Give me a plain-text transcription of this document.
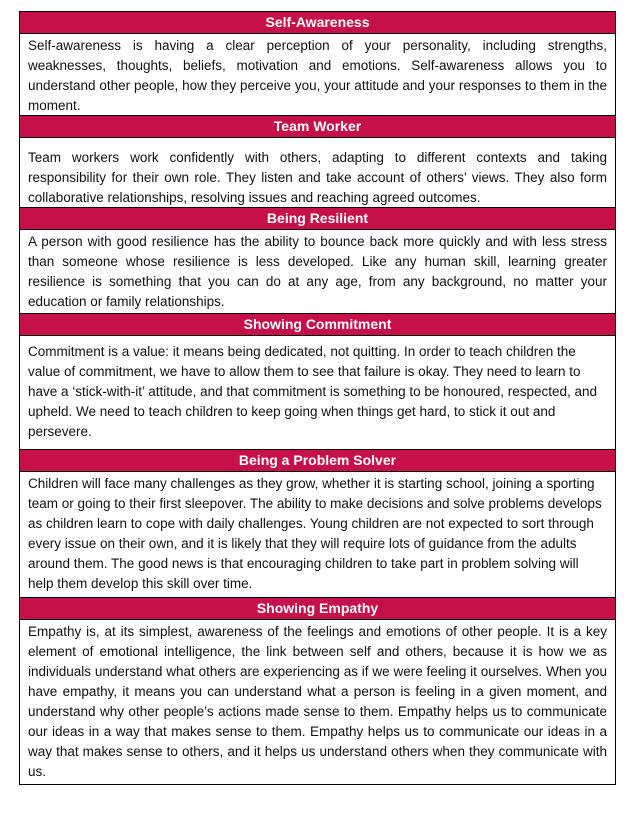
Self-Awareness
Self-awareness is having a clear perception of your personality, including strengths, weaknesses, thoughts, beliefs, motivation and emotions. Self-awareness allows you to understand other people, how they perceive you, your attitude and your responses to them in the moment.
Team Worker
Team workers work confidently with others, adapting to different contexts and taking responsibility for their own role. They listen and take account of others’ views. They also form collaborative relationships, resolving issues and reaching agreed outcomes.
Being Resilient
A person with good resilience has the ability to bounce back more quickly and with less stress than someone whose resilience is less developed. Like any human skill, learning greater resilience is something that you can do at any age, from any background, no matter your education or family relationships.
Showing Commitment
Commitment is a value: it means being dedicated, not quitting. In order to teach children the value of commitment, we have to allow them to see that failure is okay. They need to learn to have a ‘stick-with-it’ attitude, and that commitment is something to be honoured, respected, and upheld. We need to teach children to keep going when things get hard, to stick it out and persevere.
Being a Problem Solver
Children will face many challenges as they grow, whether it is starting school, joining a sporting team or going to their first sleepover. The ability to make decisions and solve problems develops as children learn to cope with daily challenges. Young children are not expected to sort through every issue on their own, and it is likely that they will require lots of guidance from the adults around them. The good news is that encouraging children to take part in problem solving will help them develop this skill over time.
Showing Empathy
Empathy is, at its simplest, awareness of the feelings and emotions of other people. It is a key element of emotional intelligence, the link between self and others, because it is how we as individuals understand what others are experiencing as if we were feeling it ourselves. When you have empathy, it means you can understand what a person is feeling in a given moment, and understand why other people’s actions made sense to them. Empathy helps us to communicate our ideas in a way that makes sense to them. Empathy helps us to communicate our ideas in a way that makes sense to others, and it helps us understand others when they communicate with us.
